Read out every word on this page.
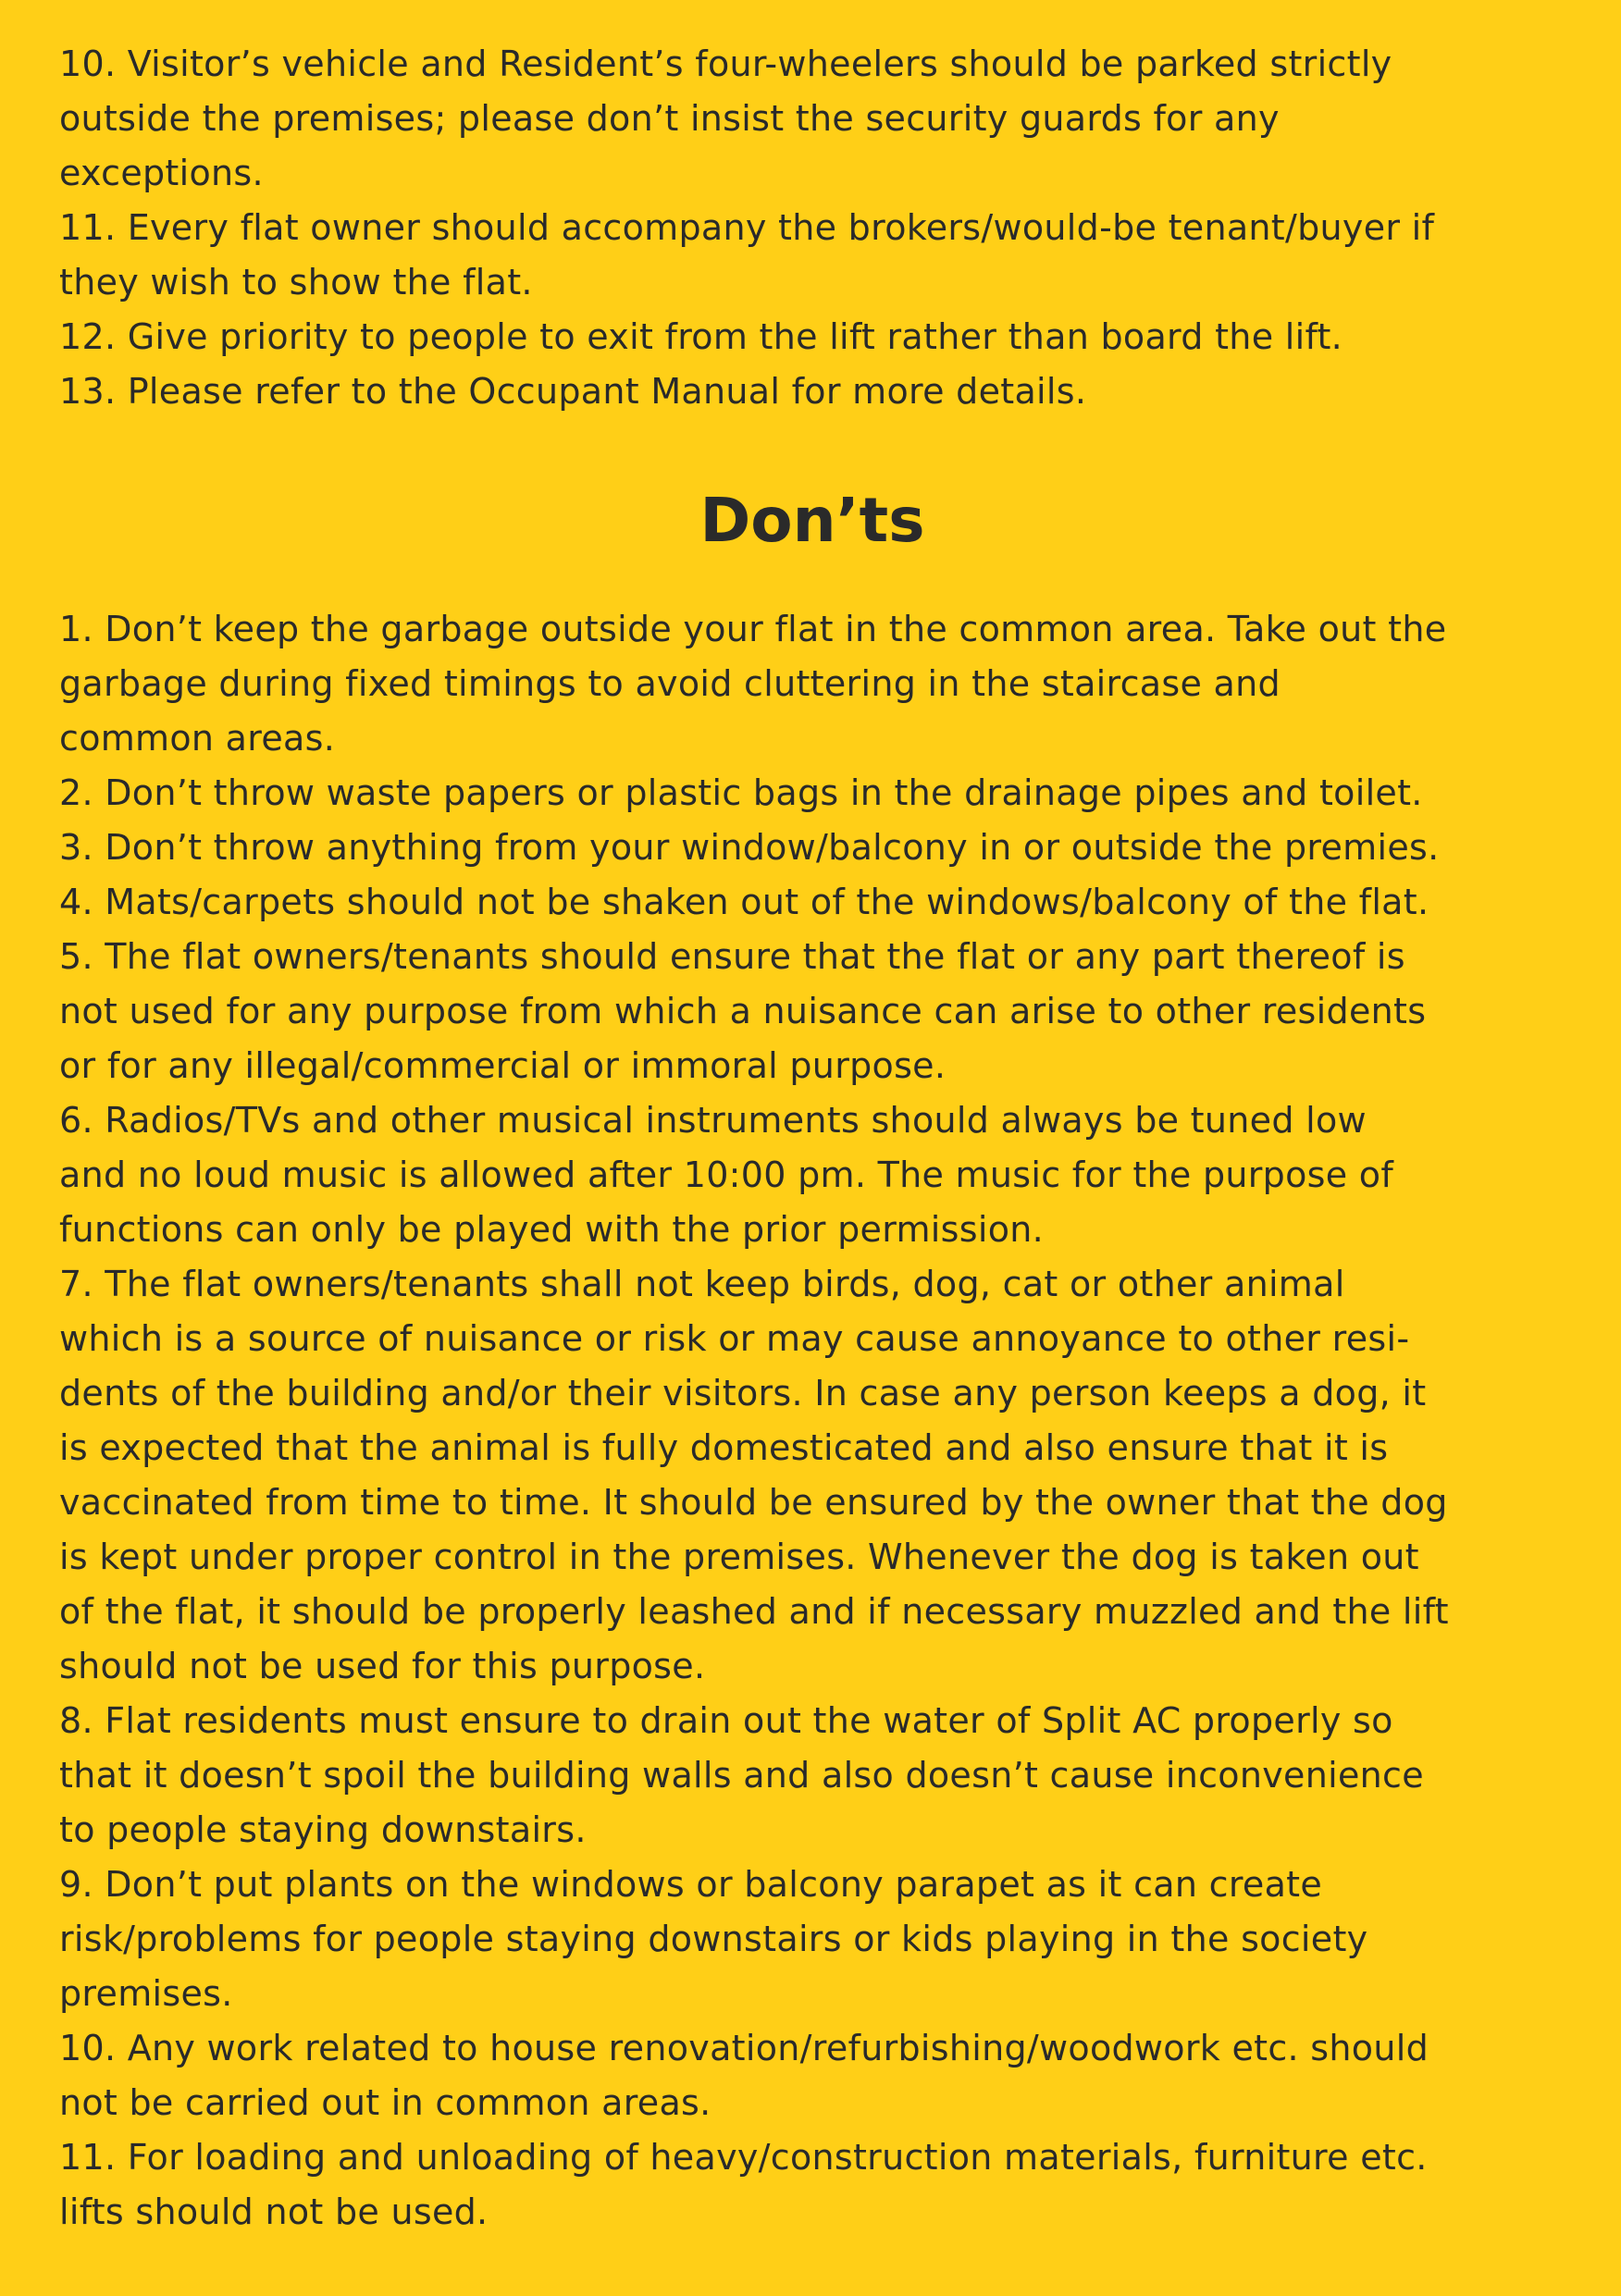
10. Visitor’s vehicle and Resident’s four-wheelers should be parked strictly

outside the premises; please don’t insist the security guards for any

exceptions.

11. Every flat owner should accompany the brokers/would-be tenant/buyer if

they wish to show the flat.

12. Give priority to people to exit from the lift rather than board the lift.

13. Please refer to the Occupant Manual for more details.

Don’ts

1. Don’t keep the garbage outside your flat in the common area. Take out the

garbage during fixed timings to avoid cluttering in the staircase and

common areas.

2. Don’t throw waste papers or plastic bags in the drainage pipes and toilet.

3. Don’t throw anything from your window/balcony in or outside the premies.

4. Mats/carpets should not be shaken out of the windows/balcony of the flat.

5. The flat owners/tenants should ensure that the flat or any part thereof is

not used for any purpose from which a nuisance can arise to other residents

or for any illegal/commercial or immoral purpose.

6. Radios/TVs and other musical instruments should always be tuned low

and no loud music is allowed after 10:00 pm. The music for the purpose of

functions can only be played with the prior permission.

7. The flat owners/tenants shall not keep birds, dog, cat or other animal

which is a source of nuisance or risk or may cause annoyance to other resi-

dents of the building and/or their visitors. In case any person keeps a dog, it

is expected that the animal is fully domesticated and also ensure that it is

vaccinated from time to time. It should be ensured by the owner that the dog

is kept under proper control in the premises. Whenever the dog is taken out

of the flat, it should be properly leashed and if necessary muzzled and the lift

should not be used for this purpose.

8. Flat residents must ensure to drain out the water of Split AC properly so

that it doesn’t spoil the building walls and also doesn’t cause inconvenience

to people staying downstairs.

9. Don’t put plants on the windows or balcony parapet as it can create

risk/problems for people staying downstairs or kids playing in the society

premises.

10. Any work related to house renovation/refurbishing/woodwork etc. should

not be carried out in common areas.

11. For loading and unloading of heavy/construction materials, furniture etc.

lifts should not be used.
